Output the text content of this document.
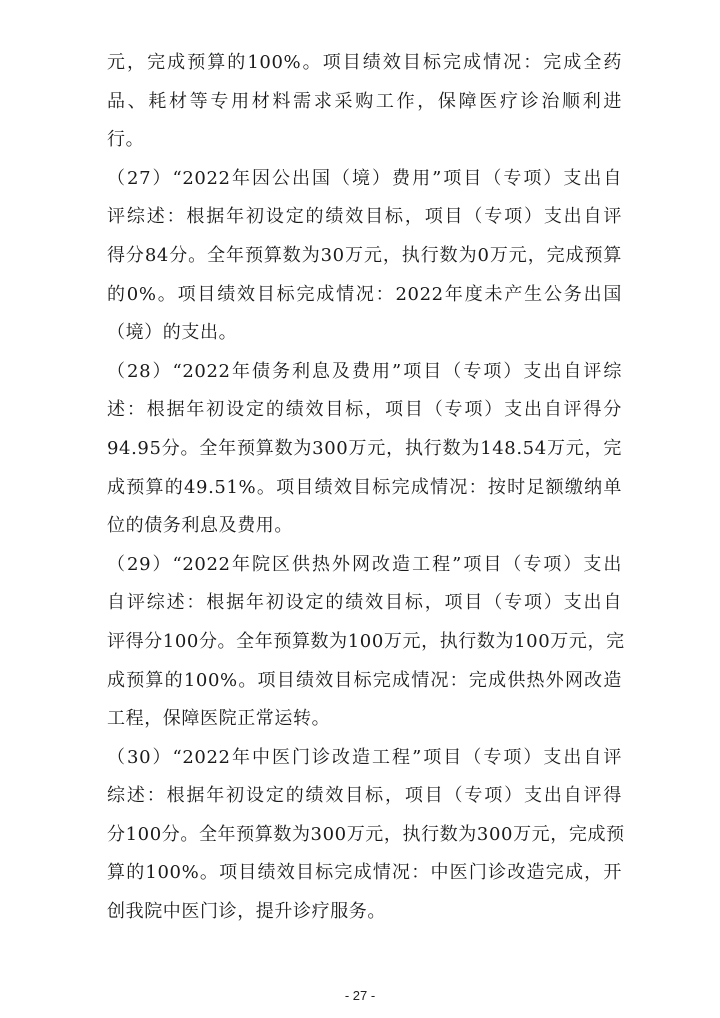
元，完成预算的100%。项目绩效目标完成情况：完成全药
品、耗材等专用材料需求采购工作，保障医疗诊治顺利进
行。
（27）“2022年因公出国（境）费用”项目（专项）支出自
评综述：根据年初设定的绩效目标，项目（专项）支出自评
得分84分。全年预算数为30万元，执行数为0万元，完成预算
的0%。项目绩效目标完成情况：2022年度未产生公务出国
（境）的支出。
（28）“2022年债务利息及费用”项目（专项）支出自评综
述：根据年初设定的绩效目标，项目（专项）支出自评得分
94.95分。全年预算数为300万元，执行数为148.54万元，完
成预算的49.51%。项目绩效目标完成情况：按时足额缴纳单
位的债务利息及费用。
（29）“2022年院区供热外网改造工程”项目（专项）支出
自评综述：根据年初设定的绩效目标，项目（专项）支出自
评得分100分。全年预算数为100万元，执行数为100万元，完
成预算的100%。项目绩效目标完成情况：完成供热外网改造
工程，保障医院正常运转。
（30）“2022年中医门诊改造工程”项目（专项）支出自评
综述：根据年初设定的绩效目标，项目（专项）支出自评得
分100分。全年预算数为300万元，执行数为300万元，完成预
算的100%。项目绩效目标完成情况：中医门诊改造完成，开
创我院中医门诊，提升诊疗服务。
- 27 -
